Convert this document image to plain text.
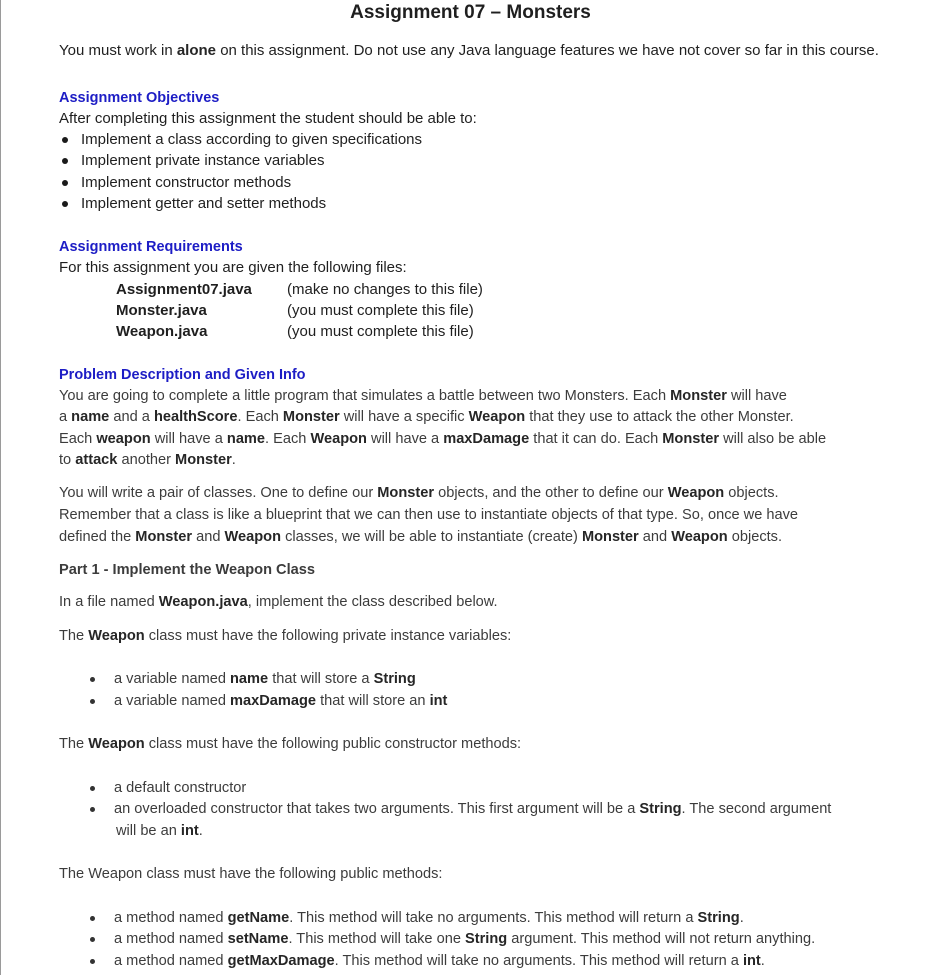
Assignment 07 – Monsters
You must work in alone on this assignment. Do not use any Java language features we have not cover so far in this course.
Assignment Objectives
After completing this assignment the student should be able to:
Implement a class according to given specifications
Implement private instance variables
Implement constructor methods
Implement getter and setter methods
Assignment Requirements
For this assignment you are given the following files:
Assignment07.java (make no changes to this file)
Monster.java	(you must complete this file)
Weapon.java	(you must complete this file)
Problem Description and Given Info
You are going to complete a little program that simulates a battle between two Monsters. Each Monster will have
a name and a healthScore. Each Monster will have a specific Weapon that they use to attack the other Monster.
Each weapon will have a name. Each Weapon will have a maxDamage that it can do. Each Monster will also be able
to attack another Monster.
You will write a pair of classes. One to define our Monster objects, and the other to define our Weapon objects.
Remember that a class is like a blueprint that we can then use to instantiate objects of that type. So, once we have
defined the Monster and Weapon classes, we will be able to instantiate (create) Monster and Weapon objects.
Part 1 - Implement the Weapon Class
In a file named Weapon.java, implement the class described below.
The Weapon class must have the following private instance variables:
a variable named name that will store a String
a variable named maxDamage that will store an int
The Weapon class must have the following public constructor methods:
a default constructor
an overloaded constructor that takes two arguments. This first argument will be a String. The second argument
will be an int.
The Weapon class must have the following public methods:
a method named getName. This method will take no arguments. This method will return a String.
a method named setName. This method will take one String argument. This method will not return anything.
a method named getMaxDamage. This method will take no arguments. This method will return a int.
